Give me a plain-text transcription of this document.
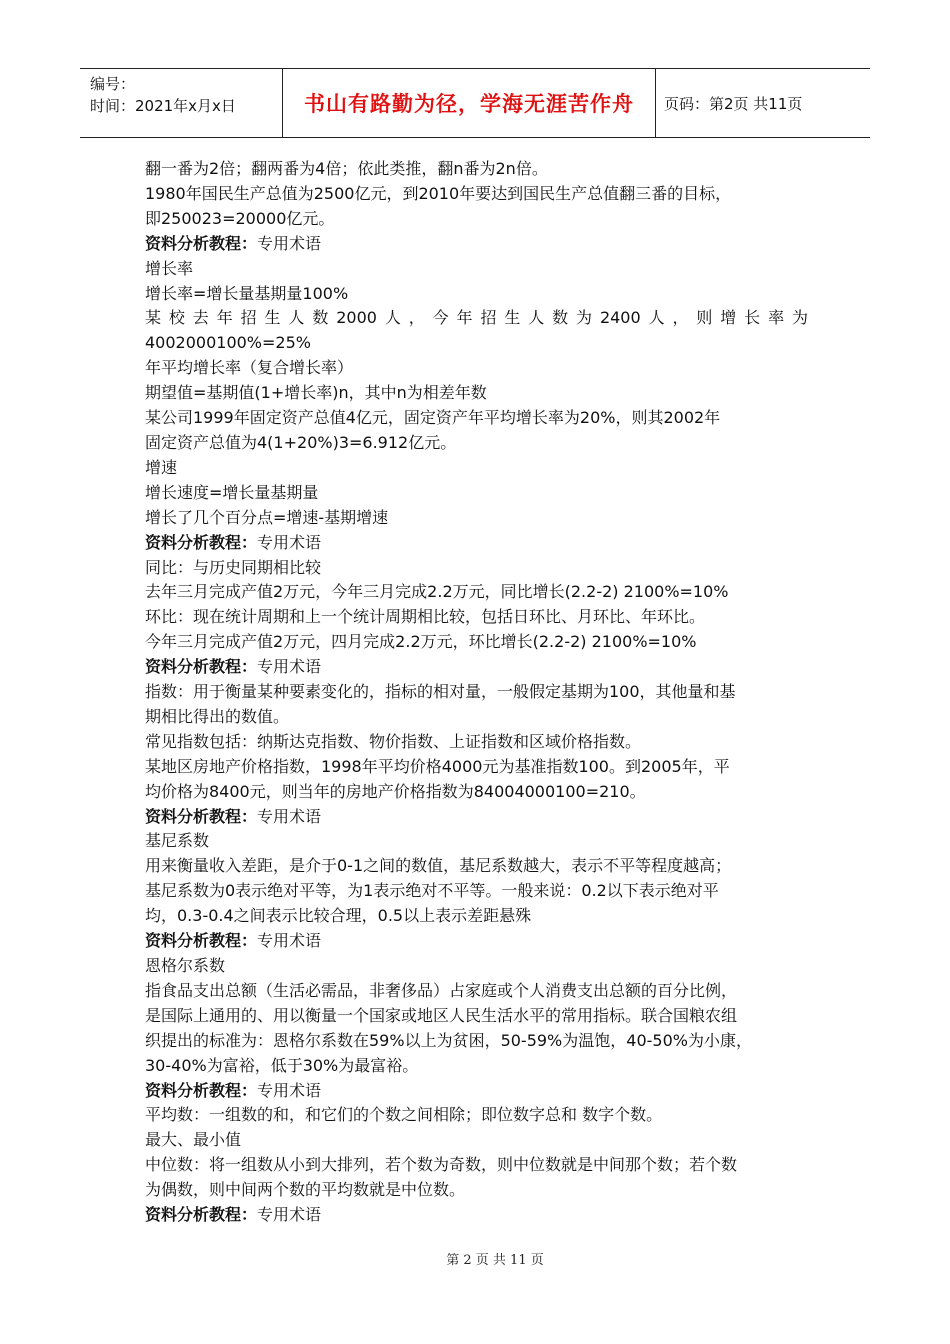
编号：
时间：2021年x月x日	书山有路勤为径，学海无涯苦作舟	页码：第2页 共11页
翻一番为2倍；翻两番为4倍；依此类推，翻n番为2n倍。
1980年国民生产总值为2500亿元，到2010年要达到国民生产总值翻三番的目标，
即250023=20000亿元。
资料分析教程：专用术语
增长率
增长率=增长量基期量100%
某校去年招生人数2000人，今年招生人数为2400人，则增长率为
4002000100%=25%
年平均增长率（复合增长率）
期望值=基期值(1+增长率)n，其中n为相差年数
某公司1999年固定资产总值4亿元，固定资产年平均增长率为20%，则其2002年
固定资产总值为4(1+20%)3=6.912亿元。
增速
增长速度=增长量基期量
增长了几个百分点=增速-基期增速
资料分析教程：专用术语
同比：与历史同期相比较
去年三月完成产值2万元，今年三月完成2.2万元，同比增长(2.2-2) 2100%=10%
环比：现在统计周期和上一个统计周期相比较，包括日环比、月环比、年环比。
今年三月完成产值2万元，四月完成2.2万元，环比增长(2.2-2) 2100%=10%
资料分析教程：专用术语
指数：用于衡量某种要素变化的，指标的相对量，一般假定基期为100，其他量和基
期相比得出的数值。
常见指数包括：纳斯达克指数、物价指数、上证指数和区域价格指数。
某地区房地产价格指数，1998年平均价格4000元为基准指数100。到2005年，平
均价格为8400元，则当年的房地产价格指数为84004000100=210。
资料分析教程：专用术语
基尼系数
用来衡量收入差距，是介于0-1之间的数值，基尼系数越大，表示不平等程度越高；
基尼系数为0表示绝对平等，为1表示绝对不平等。一般来说：0.2以下表示绝对平
均，0.3-0.4之间表示比较合理，0.5以上表示差距悬殊
资料分析教程：专用术语
恩格尔系数
指食品支出总额（生活必需品，非奢侈品）占家庭或个人消费支出总额的百分比例，
是国际上通用的、用以衡量一个国家或地区人民生活水平的常用指标。联合国粮农组
织提出的标准为：恩格尔系数在59%以上为贫困，50-59%为温饱，40-50%为小康，
30-40%为富裕，低于30%为最富裕。
资料分析教程：专用术语
平均数：一组数的和，和它们的个数之间相除；即位数字总和 数字个数。
最大、最小值
中位数：将一组数从小到大排列，若个数为奇数，则中位数就是中间那个数；若个数
为偶数，则中间两个数的平均数就是中位数。
资料分析教程：专用术语
第 2 页 共 11 页
